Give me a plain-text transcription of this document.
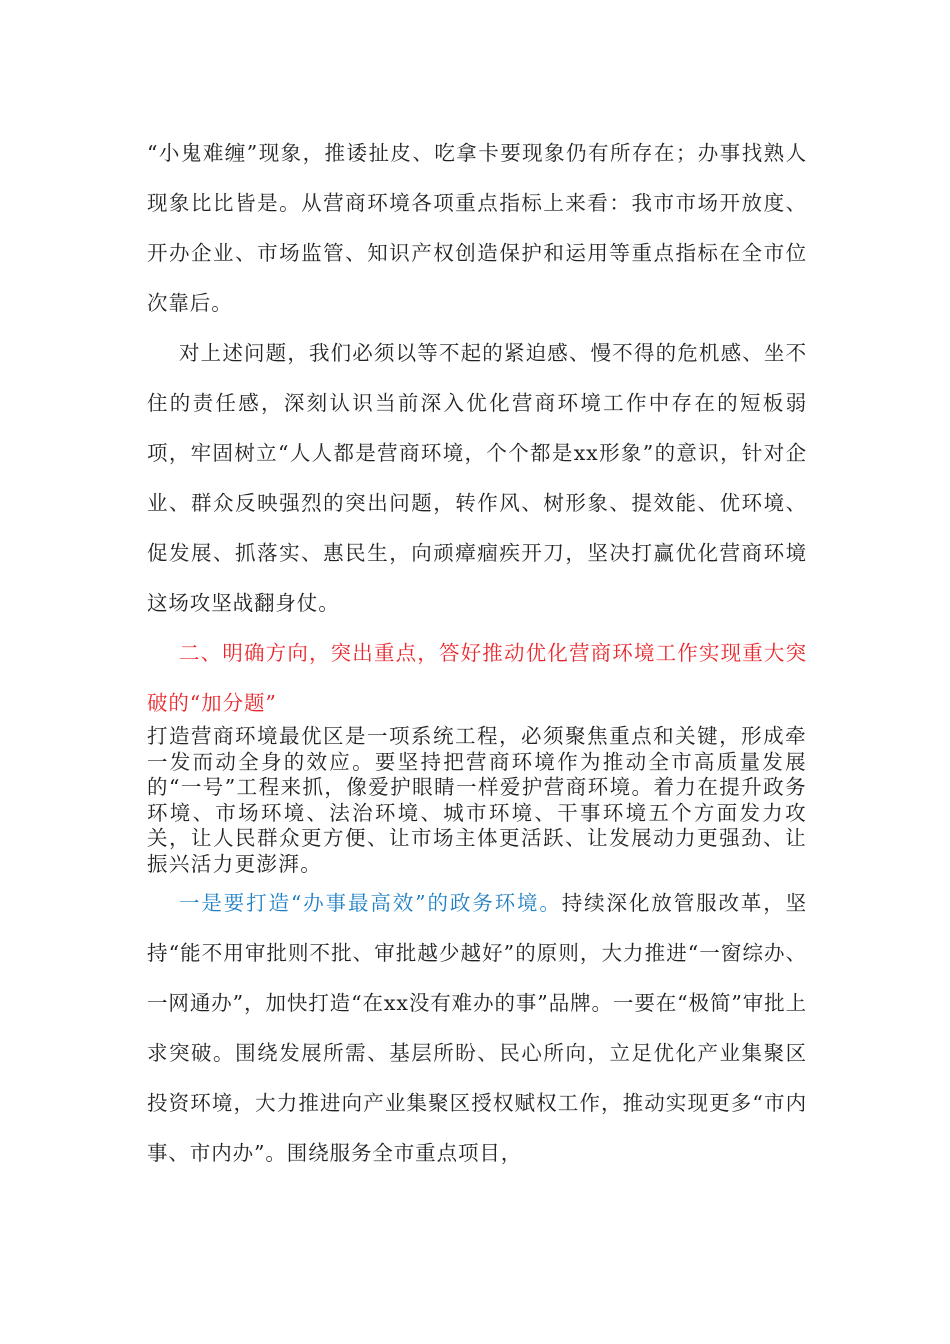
“小鬼难缠”现象，推诿扯皮、吃拿卡要现象仍有所存在；办事找熟人现象比比皆是。从营商环境各项重点指标上来看：我市市场开放度、开办企业、市场监管、知识产权创造保护和运用等重点指标在全市位次靠后。

对上述问题，我们必须以等不起的紧迫感、慢不得的危机感、坐不住的责任感，深刻认识当前深入优化营商环境工作中存在的短板弱项，牢固树立“人人都是营商环境，个个都是xx形象”的意识，针对企业、群众反映强烈的突出问题，转作风、树形象、提效能、优环境、促发展、抓落实、惠民生，向顽瘴痼疾开刀，坚决打赢优化营商环境这场攻坚战翻身仗。

二、明确方向，突出重点，答好推动优化营商环境工作实现重大突破的“加分题”

打造营商环境最优区是一项系统工程，必须聚焦重点和关键，形成牵一发而动全身的效应。要坚持把营商环境作为推动全市高质量发展的“一号”工程来抓，像爱护眼睛一样爱护营商环境。着力在提升政务环境、市场环境、法治环境、城市环境、干事环境五个方面发力攻关，让人民群众更方便、让市场主体更活跃、让发展动力更强劲、让振兴活力更澎湃。

一是要打造“办事最高效”的政务环境。持续深化放管服改革，坚持“能不用审批则不批、审批越少越好”的原则，大力推进“一窗综办、一网通办”，加快打造“在xx没有难办的事”品牌。一要在“极简”审批上求突破。围绕发展所需、基层所盼、民心所向，立足优化产业集聚区投资环境，大力推进向产业集聚区授权赋权工作，推动实现更多“市内事、市内办”。围绕服务全市重点项目，
